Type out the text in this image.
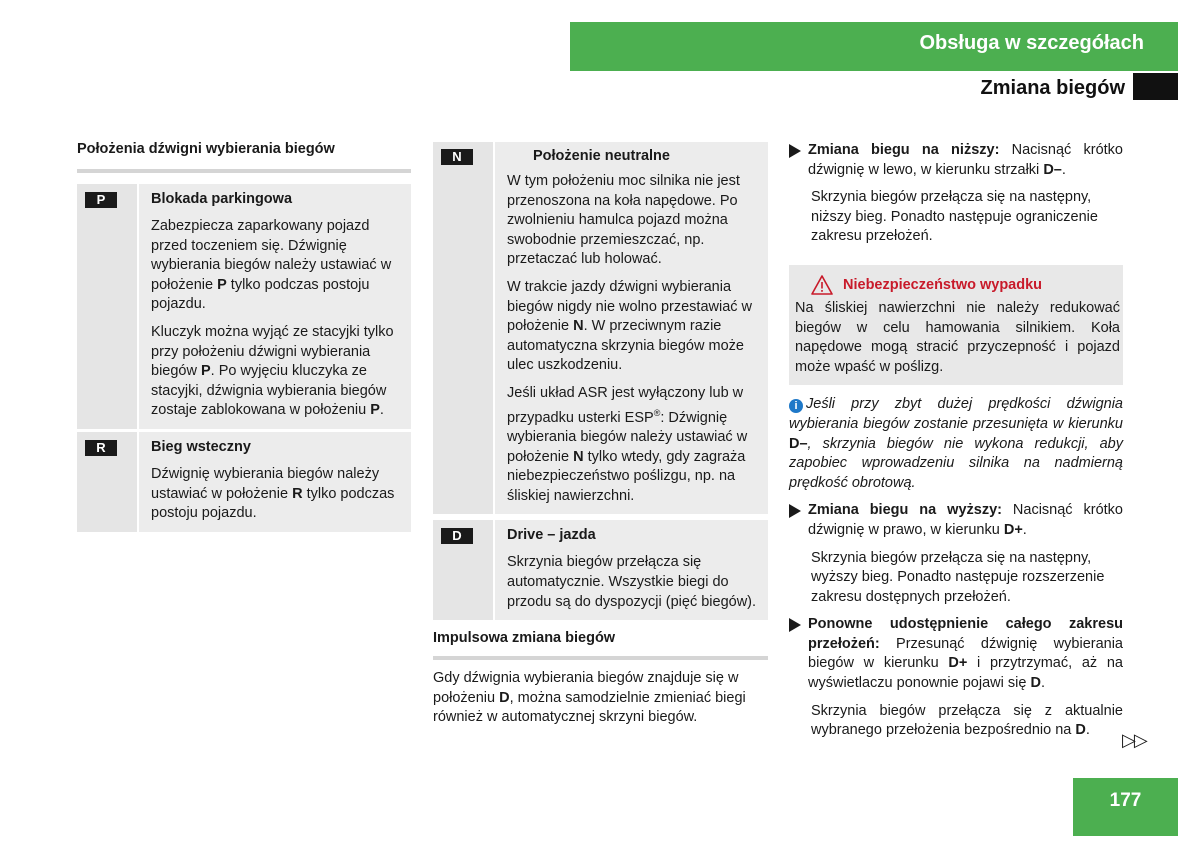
Obsługa w szczegółach
Zmiana biegów
Położenia dźwigni wybierania biegów
P	Blokada parkingowa

Zabezpiecza zaparkowany pojazd przed toczeniem się. Dźwignię wybierania biegów należy ustawiać w położenie P tylko podczas postoju pojazdu.

Kluczyk można wyjąć ze stacyjki tylko przy położeniu dźwigni wybierania biegów P. Po wyjęciu kluczyka ze stacyjki, dźwignia wybierania biegów zostaje zablokowana w położeniu P.

R	Bieg wsteczny

Dźwignię wybierania biegów należy ustawiać w położenie R tylko podczas postoju pojazdu.

N	Położenie neutralne

W tym położeniu moc silnika nie jest przenoszona na koła napędowe. Po zwolnieniu hamulca pojazd można swobodnie przemieszczać, np. przetaczać lub holować.

W trakcie jazdy dźwigni wybierania biegów nigdy nie wolno przestawiać w położenie N. W przeciwnym razie automatyczna skrzynia biegów może ulec uszkodzeniu.

Jeśli układ ASR jest wyłączony lub w przypadku usterki ESP®: Dźwignię wybierania biegów należy ustawiać w położenie N tylko wtedy, gdy zagraża niebezpieczeństwo poślizgu, np. na śliskiej nawierzchni.

D	Drive – jazda

Skrzynia biegów przełącza się automatycznie. Wszystkie biegi do przodu są do dyspozycji (pięć biegów).

Impulsowa zmiana biegów

Gdy dźwignia wybierania biegów znajduje się w położeniu D, można samodzielnie zmieniać biegi również w automatycznej skrzyni biegów.

Zmiana biegu na niższy: Nacisnąć krótko dźwignię w lewo, w kierunku strzałki D–.

Skrzynia biegów przełącza się na następny, niższy bieg. Ponadto następuje ograniczenie zakresu przełożeń.

Niebezpieczeństwo wypadku

Na śliskiej nawierzchni nie należy redukować biegów w celu hamowania silnikiem. Koła napędowe mogą stracić przyczepność i pojazd może wpaść w poślizg.

i Jeśli przy zbyt dużej prędkości dźwignia wybierania biegów zostanie przesunięta w kierunku D–, skrzynia biegów nie wykona redukcji, aby zapobiec wprowadzeniu silnika na nadmierną prędkość obrotową.

Zmiana biegu na wyższy: Nacisnąć krótko dźwignię w prawo, w kierunku D+.

Skrzynia biegów przełącza się na następny, wyższy bieg. Ponadto następuje rozszerzenie zakresu dostępnych przełożeń.

Ponowne udostępnienie całego zakresu przełożeń: Przesunąć dźwignię wybierania biegów w kierunku D+ i przytrzymać, aż na wyświetlaczu ponownie pojawi się D.

Skrzynia biegów przełącza się z aktualnie wybranego przełożenia bezpośrednio na D.	▷▷
177
